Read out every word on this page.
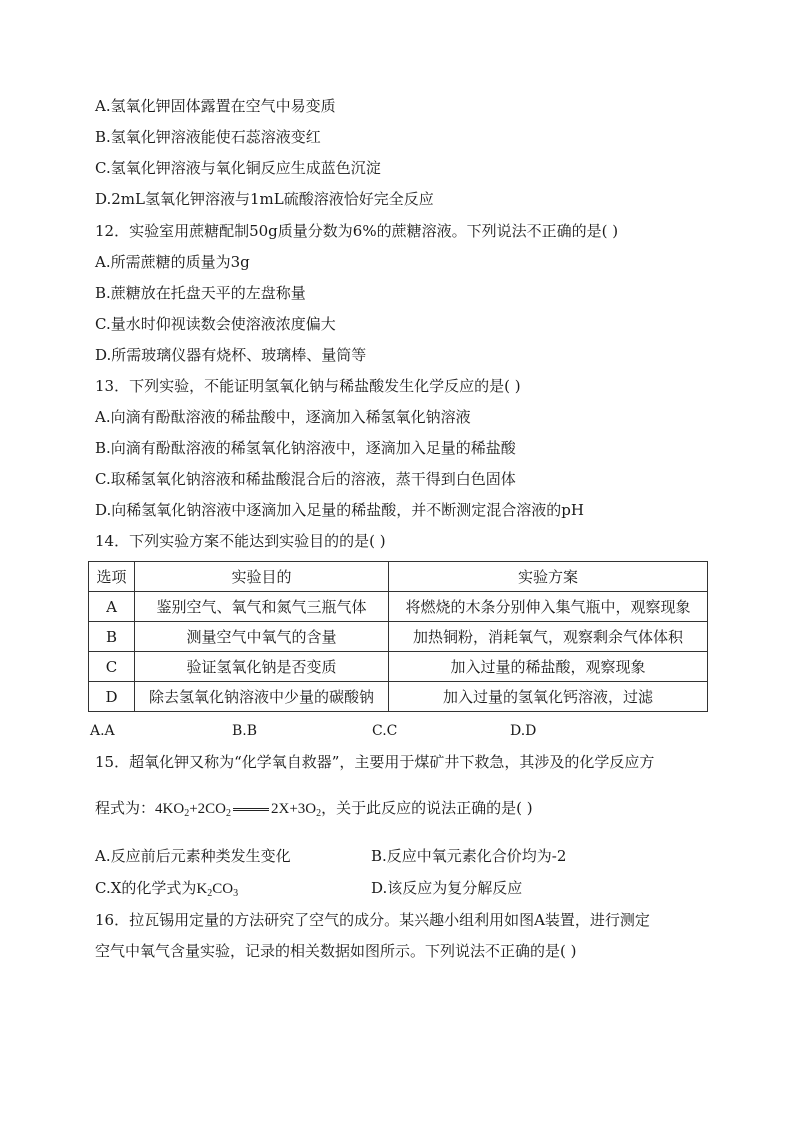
A.氢氧化钾固体露置在空气中易变质
B.氢氧化钾溶液能使石蕊溶液变红
C.氢氧化钾溶液与氧化铜反应生成蓝色沉淀
D.2mL氢氧化钾溶液与1mL硫酸溶液恰好完全反应
12．实验室用蔗糖配制50g质量分数为6%的蔗糖溶液。下列说法不正确的是( )
A.所需蔗糖的质量为3g
B.蔗糖放在托盘天平的左盘称量
C.量水时仰视读数会使溶液浓度偏大
D.所需玻璃仪器有烧杯、玻璃棒、量筒等
13．下列实验，不能证明氢氧化钠与稀盐酸发生化学反应的是( )
A.向滴有酚酞溶液的稀盐酸中，逐滴加入稀氢氧化钠溶液
B.向滴有酚酞溶液的稀氢氧化钠溶液中，逐滴加入足量的稀盐酸
C.取稀氢氧化钠溶液和稀盐酸混合后的溶液，蒸干得到白色固体
D.向稀氢氧化钠溶液中逐滴加入足量的稀盐酸，并不断测定混合溶液的pH
14．下列实验方案不能达到实验目的的是( )
选项	实验目的	实验方案
A	鉴别空气、氧气和氮气三瓶气体	将燃烧的木条分别伸入集气瓶中，观察现象
B	测量空气中氧气的含量	加热铜粉，消耗氧气，观察剩余气体体积
C	验证氢氧化钠是否变质	加入过量的稀盐酸，观察现象
D	除去氢氧化钠溶液中少量的碳酸钠	加入过量的氢氧化钙溶液，过滤
A.A	B.B	C.C	D.D
15．超氧化钾又称为“化学氧自救器”，主要用于煤矿井下救急，其涉及的化学反应方
程式为：$4KO_2+2CO_2$	$2X+3O_2$，关于此反应的说法正确的是( )
A.反应前后元素种类发生变化	B.反应中氧元素化合价均为-2
C.X的化学式为$K_2CO_3$	D.该反应为复分解反应
16．拉瓦锡用定量的方法研究了空气的成分。某兴趣小组利用如图A装置，进行测定
空气中氧气含量实验，记录的相关数据如图所示。下列说法不正确的是( )
